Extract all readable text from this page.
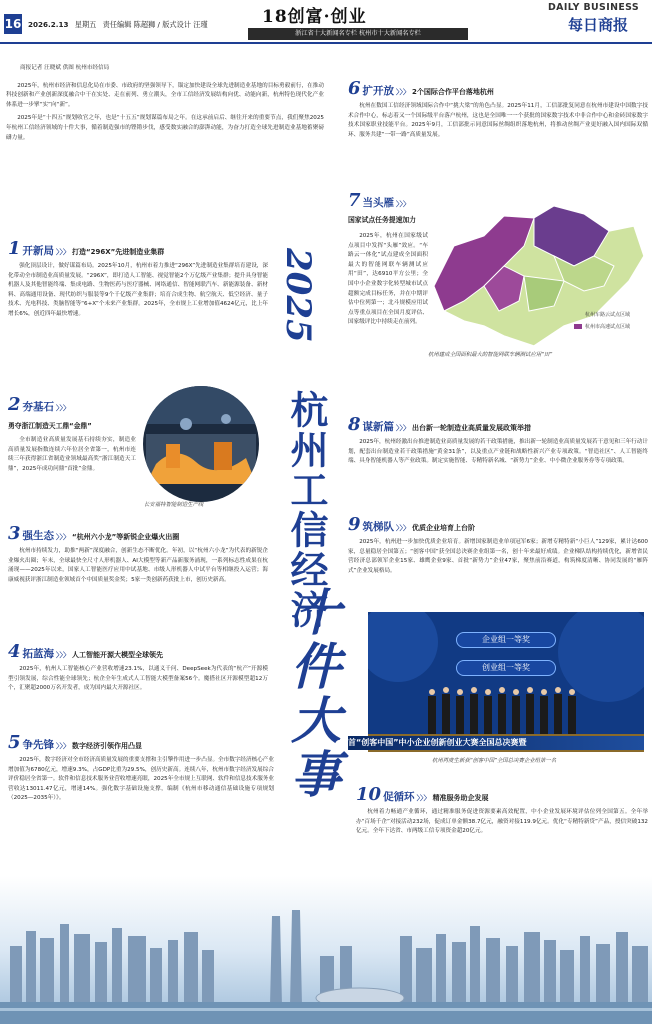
16 2026.2.13 星期五 责任编辑 陈超狮 / 版式设计 汪瑾	18创富·创业
浙江省十大新闻名专栏 杭州市十大新闻名专栏
DAILY BUSINESS
每日商报
商报记者 汪晓斌 供图 杭州市经信局

2025年，杭州市经济和信息化局在市委、市政府的坚强领导下，锚定加快建设全球先进制造业基地的目标勇毅前行，在推动科技创新和产业创新深度融合中干在实处、走在前列、勇立潮头，全市工信经济发展结构向优、动能向新，杭州特色现代化产业体系进一步擘“实”向“新”。

2025年是“十四五”规划收官之年，也是“十五五”规划谋篇布局之年。在这承前启后、继往开来的重要节点，我们聚焦2025年杭州工信经济领域的十件大事，循着制造强市的铿锵步伐，感受数实融合的澎湃动能，为奋力打造全球先进制造业基地蓄聚磅礴力量。

1 开新局 〉〉〉 打造“296X”先进制造业集群

强化顶层设计，做好谋篇布局。2025年10月，杭州市着力推进“296X”先进制造业集群培育建设，深化带动全市制造业高质量发展。“296X”，即打造人工智能、视觉智能2个万亿级产业集群；提升具身智能机器人及其他智能终端、集成电路、生物医药与医疗器械、网络通信、智能网联汽车、新能源装备、新材料、高端通用设备、现代纺织与服装等9个千亿级产业集群；培育合成生物、航空航天、低空经济、量子技术、光电科技、类脑智能等“6+X”个未来产业集群。2025年，全市规上工业增加值4624亿元，比上年增长6%，创近四年最快增速。

2 夯基石 〉〉〉
勇夺浙江制造天工鼎“金鼎”

全市制造业高质量发展基石持续夯实，制造业高质量发展指数连续六年位居全省第一，杭州市连续三年获得浙江省制造业领域最高奖“浙江制造天工鼎”，2025年成功问鼎“首批”金鼎。

长安福特智能制造生产线
3 强生态 〉〉〉 “杭州六小龙”等新锐企业爆火出圈

杭州市持续发力，助推“两新”深度融合，创新生态不断优化。年初，以“杭州六小龙”为代表的新锐企业爆火出圈；年末，全球最快全尺寸人形机器人、AI大模型等新产品新服务涌现，一系列标志性成果在杭涌现——2025年以来，国家人工智能医疗应用中试基地、市级人形机器人中试平台等相继投入运营；海康威视获评浙江制造业领域首个中国质量奖金奖；5家一类创新药获批上市，创历史新高。

4 拓蓝海 〉〉〉 人工智能开源大模型全球领先

2025年，杭州人工智能核心产业营收增速23.1%，以通义千问、DeepSeek为代表的“杭产”开源模型引领发展，综合性能全球领先；杭企全年生成式人工智能大模型备案56个。魔搭社区开源模型超12万个，汇聚超2000万名开发者，成为国内最大开源社区。

5 争先锋 〉〉〉 数字经济引领作用凸显

2025年，数字经济对全市经济高质量发展的重要支撑和主引擎作用进一步凸显。全市数字经济核心产业增加值为6780亿元，增速9.3%，占GDP比重为29.5%，创历史新高。连续八年，杭州市数字经济发展综合评价稳居全省第一。软件和信息技术服务业营收增速亮眼，2025年全市规上互联网、软件和信息技术服务业营收达13011.47亿元，增速14%。强化数字基础设施支撑，编制《杭州市移动通信基础设施专项规划（2025—2035年）》。

2025
杭州工信经济
十件大事
6 扩开放 〉〉〉 2个国际合作平台落地杭州

杭州在数国工信经济领域国际合作中“挑大梁”的角色凸显。2025年11月，工信部批复同意在杭州市建设中国数字技术合作中心，标志着又一个国际级平台落户杭州，这也是全国唯一一个获批的国家数字技术中非合作中心和金砖国家数字技术国家职业技能平台。2025年9月，工信部批示同意国际丝绸组织落地杭州，将推动丝绸产业更好融入国内国际双循环、服务共建“一带一路”高质量发展。

7 当头雁 〉〉〉
国家试点任务提速加力

2025年，杭州在国家级试点项目中发挥“头雁”效应。“车路云一体化”试点建成全国面积最大的智能网联车辆测试应用“田”，达6910平方公里；全国中小企业数字化转型城市试点超额完成目标任务，并在中期评估中位列第一；北斗规模应用试点等重点项目在全国月度评估、国家级评比中持续走在前列。

杭州车路云试点区域
杭州市高速试点区域
杭州建成全国面积最大的智能网联车辆测试应用“田”
8 谋新篇 〉〉〉 出台新一轮制造业高质量发展政策举措

2025年，杭州经激出台推进制造业高质量发展的若干政策措施，推出新一轮制造业高质量发展若干意见和三年行动计划，配套出台制造业若干政策措施“黄金31条”，以及重点产业链和战略性新兴产业专项政策。“智造社区”、人工智能终端、具身智能机器人等产业政策。制定实施智能、专精特新名城、“新势力”企业、中小微企业服务券等专项政策。

9 筑梯队 〉〉〉 优质企业培育上台阶

2025年，杭州进一步加快优质企业培育。新增国家制造业单项冠军6家；新增专精特新“小巨人”129家，累计达600家，总量稳居全国第五；“创客中国”获全国总决赛企业组第一名，创十年来最好成绩。企业梯队结构持续优化，新增省民营经济总部领军企业15家、雄鹰企业9家、首批“新势力”企业47家，聚焦前沿赛道，构筑梯度清晰、协同发展的“雁阵式”企业发展格局。

企业组一等奖
创业组一等奖
首“创客中国”中小企业创新创业大赛全国总决赛暨
杭州再度生新获“创客中国”全国总决赛企业组第一名
10 促循环 〉〉〉 精准服务助企发展

杭州着力畅通产业循环，通过精准服务促进资源要素高效配置，中小企业发展环境评估位列全国第五。全年举办“百场千企”对接活动232场，促成订单金额38.7亿元，融资对接119.9亿元。优化“专精特新贷”产品，授信突破132亿元。全年下达省、市两级工信专项资金超20亿元。
